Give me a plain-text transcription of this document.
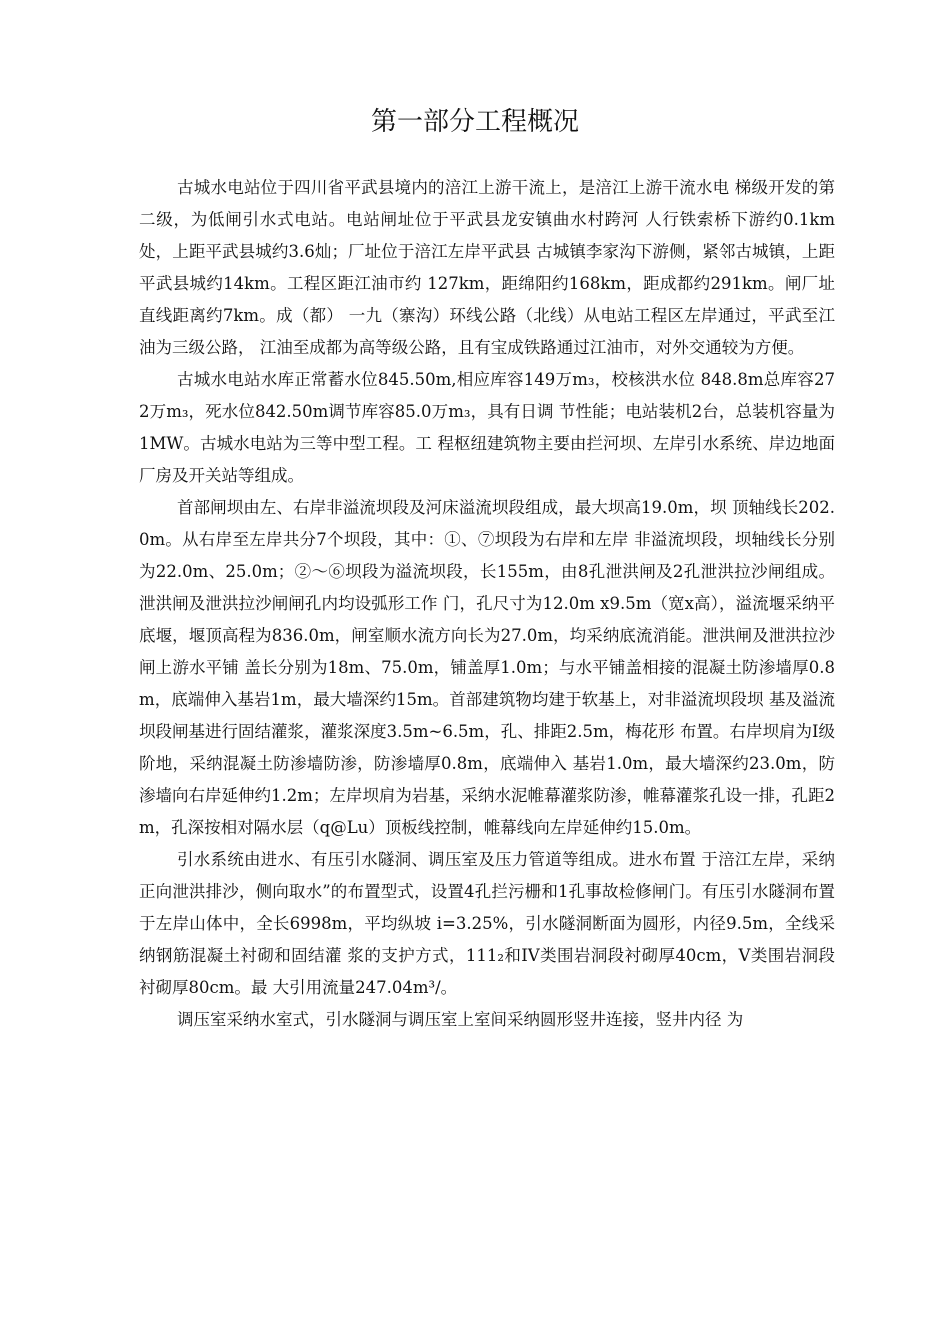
第一部分工程概况

古城水电站位于四川省平武县境内的涪江上游干流上，是涪江上游干流水电 梯级开发的第二级，为低闸引水式电站。电站闸址位于平武县龙安镇曲水村跨河 人行铁索桥下游约0.1km处，上距平武县城约3.6灿；厂址位于涪江左岸平武县 古城镇李家沟下游侧，紧邻古城镇，上距平武县城约14km。工程区距江油市约 127km，距绵阳约168km，距成都约291km。闸厂址直线距离约7km。成（都） 一九（寨沟）环线公路（北线）从电站工程区左岸通过，平武至江油为三级公路， 江油至成都为高等级公路，且有宝成铁路通过江油市，对外交通较为方便。

古城水电站水库正常蓄水位845.50m,相应库容149万m₃，校核洪水位 848.8m总库容272万m₃，死水位842.50m调节库容85.0万m₃，具有日调 节性能；电站装机2台，总装机容量为1MW。古城水电站为三等中型工程。工 程枢纽建筑物主要由拦河坝、左岸引水系统、岸边地面厂房及开关站等组成。

首部闸坝由左、右岸非溢流坝段及河床溢流坝段组成，最大坝高19.0m，坝 顶轴线长202.0m。从右岸至左岸共分7个坝段，其中：①、⑦坝段为右岸和左岸 非溢流坝段，坝轴线长分别为22.0m、25.0m；②〜⑥坝段为溢流坝段，长155m，由8孔泄洪闸及2孔泄洪拉沙闸组成。泄洪闸及泄洪拉沙闸闸孔内均设弧形工作 门，孔尺寸为12.0m x9.5m（宽x高），溢流堰采纳平底堰，堰顶高程为836.0m，闸室顺水流方向长为27.0m，均采纳底流消能。泄洪闸及泄洪拉沙闸上游水平铺 盖长分别为18m、75.0m，铺盖厚1.0m；与水平铺盖相接的混凝土防渗墙厚0.8m，底端伸入基岩1m，最大墙深约15m。首部建筑物均建于软基上，对非溢流坝段坝 基及溢流坝段闸基进行固结灌浆，灌浆深度3.5m~6.5m，孔、排距2.5m，梅花形 布置。右岸坝肩为I级阶地，采纳混凝土防渗墙防渗，防渗墙厚0.8m，底端伸入 基岩1.0m，最大墙深约23.0m，防渗墙向右岸延伸约1.2m；左岸坝肩为岩基，采纳水泥帷幕灌浆防渗，帷幕灌浆孔设一排，孔距2m，孔深按相对隔水层（q@Lu）顶板线控制，帷幕线向左岸延伸约15.0m。

引水系统由进水、有压引水隧洞、调压室及压力管道等组成。进水布置 于涪江左岸，采纳 正向泄洪排沙，侧向取水”的布置型式，设置4孔拦污栅和1孔事故检修闸门。有压引水隧洞布置于左岸山体中，全长6998m，平均纵坡 i=3.25%，引水隧洞断面为圆形，内径9.5m，全线采纳钢筋混凝土衬砌和固结灌 浆的支护方式，111₂和IV类围岩洞段衬砌厚40cm，V类围岩洞段衬砌厚80cm。最 大引用流量247.04m³/。

调压室采纳水室式，引水隧洞与调压室上室间采纳圆形竖井连接，竖井内径 为
